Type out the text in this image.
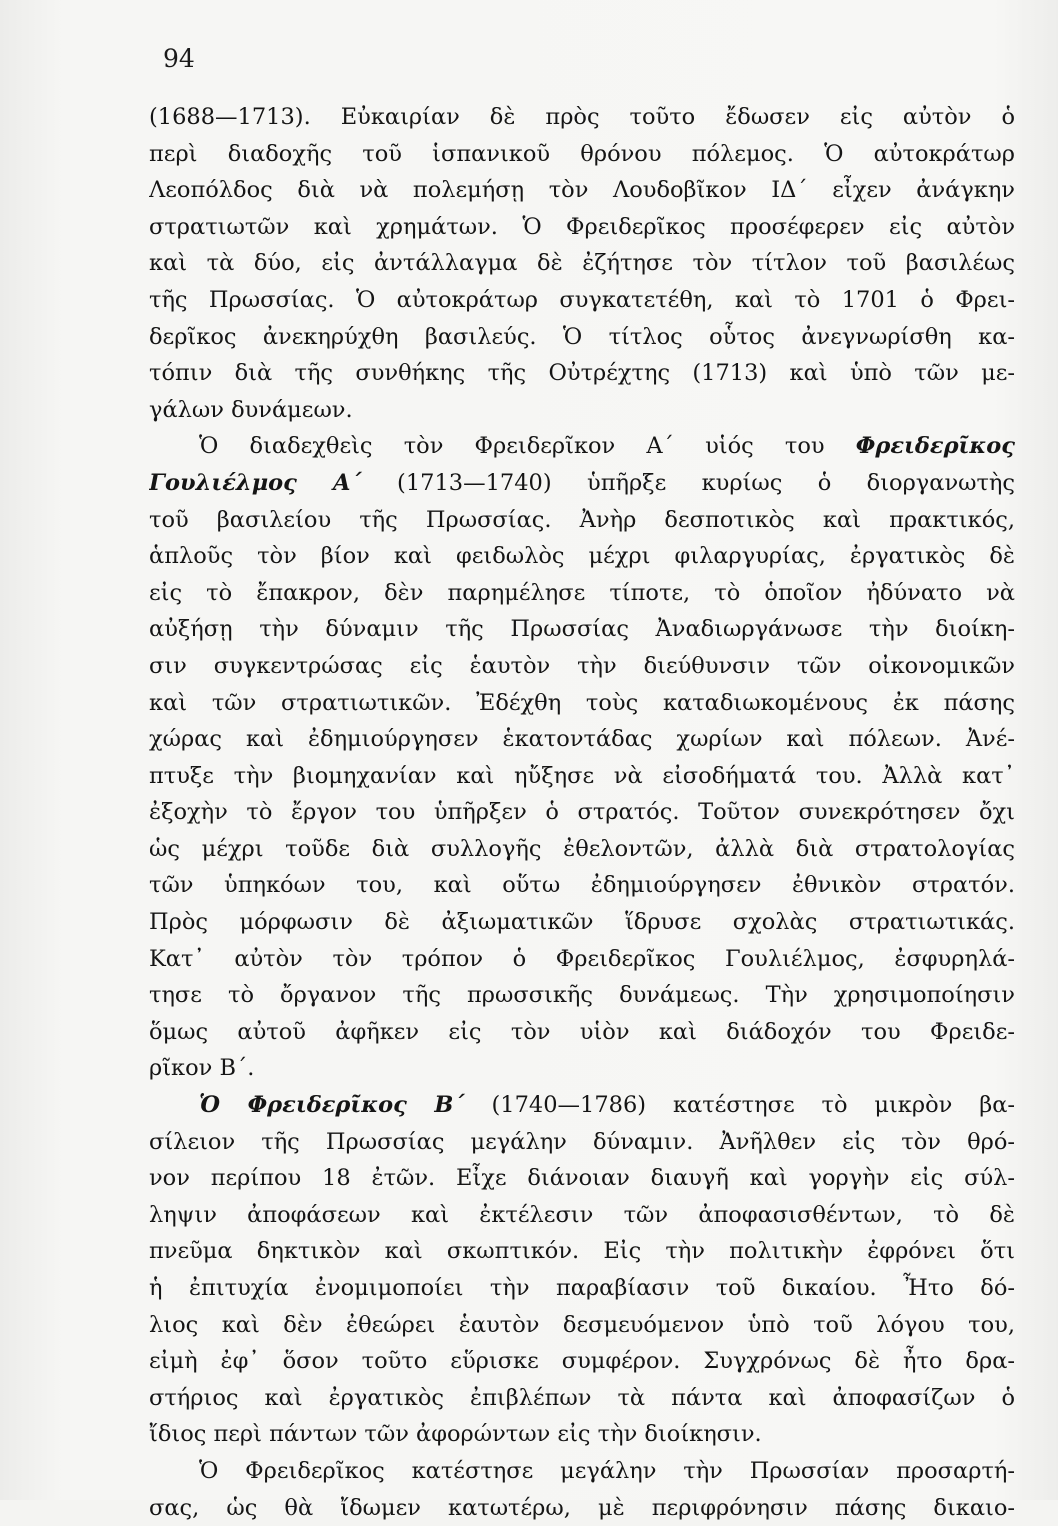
94
(1688—1713). Εὐκαιρίαν δὲ πρὸς τοῦτο ἔδωσεν εἰς αὐτὸν ὁ
περὶ διαδοχῆς τοῦ ἱσπανικοῦ θρόνου πόλεμος. Ὁ αὐτοκράτωρ
Λεοπόλδος διὰ νὰ πολεμήσῃ τὸν Λουδοβῖκον ΙΔ΄ εἶχεν ἀνάγκην
στρατιωτῶν καὶ χρημάτων. Ὁ Φρειδερῖκος προσέφερεν εἰς αὐτὸν
καὶ τὰ δύο, εἰς ἀντάλλαγμα δὲ ἐζήτησε τὸν τίτλον τοῦ βασιλέως
τῆς Πρωσσίας. Ὁ αὐτοκράτωρ συγκατετέθη, καὶ τὸ 1701 ὁ Φρει-
δερῖκος ἀνεκηρύχθη βασιλεύς. Ὁ τίτλος οὗτος ἀνεγνωρίσθη κα-
τόπιν διὰ τῆς συνθήκης τῆς Οὐτρέχτης (1713) καὶ ὑπὸ τῶν με-
γάλων δυνάμεων.
Ὁ διαδεχθεὶς τὸν Φρειδερῖκον Α΄ υἱός του Φρειδερῖκος
Γουλιέλμος Α΄ (1713—1740) ὑπῆρξε κυρίως ὁ διοργανωτὴς
τοῦ βασιλείου τῆς Πρωσσίας. Ἀνὴρ δεσποτικὸς καὶ πρακτικός,
ἁπλοῦς τὸν βίον καὶ φειδωλὸς μέχρι φιλαργυρίας, ἐργατικὸς δὲ
εἰς τὸ ἔπακρον, δὲν παρημέλησε τίποτε, τὸ ὁποῖον ἠδύνατο νὰ
αὐξήσῃ τὴν δύναμιν τῆς Πρωσσίας Ἀναδιωργάνωσε τὴν διοίκη-
σιν συγκεντρώσας εἰς ἑαυτὸν τὴν διεύθυνσιν τῶν οἰκονομικῶν
καὶ τῶν στρατιωτικῶν. Ἐδέχθη τοὺς καταδιωκομένους ἐκ πάσης
χώρας καὶ ἐδημιούργησεν ἑκατοντάδας χωρίων καὶ πόλεων. Ἀνέ-
πτυξε τὴν βιομηχανίαν καὶ ηὔξησε νὰ εἰσοδήματά του. Ἀλλὰ κατ᾿
ἐξοχὴν τὸ ἔργον του ὑπῆρξεν ὁ στρατός. Τοῦτον συνεκρότησεν ὄχι
ὡς μέχρι τοῦδε διὰ συλλογῆς ἐθελοντῶν, ἀλλὰ διὰ στρατολογίας
τῶν ὑπηκόων του, καὶ οὕτω ἐδημιούργησεν ἐθνικὸν στρατόν.
Πρὸς μόρφωσιν δὲ ἀξιωματικῶν ἵδρυσε σχολὰς στρατιωτικάς.
Κατ᾿ αὐτὸν τὸν τρόπον ὁ Φρειδερῖκος Γουλιέλμος, ἐσφυρηλά-
τησε τὸ ὄργανον τῆς πρωσσικῆς δυνάμεως. Τὴν χρησιμοποίησιν
ὅμως αὐτοῦ ἀφῆκεν εἰς τὸν υἱὸν καὶ διάδοχόν του Φρειδε-
ρῖκον Β΄.
Ὁ Φρειδερῖκος Β΄ (1740—1786) κατέστησε τὸ μικρὸν βα-
σίλειον τῆς Πρωσσίας μεγάλην δύναμιν. Ἀνῆλθεν εἰς τὸν θρό-
νον περίπου 18 ἐτῶν. Εἶχε διάνοιαν διαυγῆ καὶ γοργὴν εἰς σύλ-
ληψιν ἀποφάσεων καὶ ἐκτέλεσιν τῶν ἀποφασισθέντων, τὸ δὲ
πνεῦμα δηκτικὸν καὶ σκωπτικόν. Εἰς τὴν πολιτικὴν ἐφρόνει ὅτι
ἡ ἐπιτυχία ἐνομιμοποίει τὴν παραβίασιν τοῦ δικαίου. Ἦτο δό-
λιος καὶ δὲν ἐθεώρει ἑαυτὸν δεσμευόμενον ὑπὸ τοῦ λόγου του,
εἰμὴ ἐφ᾿ ὅσον τοῦτο εὕρισκε συμφέρον. Συγχρόνως δὲ ἦτο δρα-
στήριος καὶ ἐργατικὸς ἐπιβλέπων τὰ πάντα καὶ ἀποφασίζων ὁ
ἴδιος περὶ πάντων τῶν ἀφορώντων εἰς τὴν διοίκησιν.
Ὁ Φρειδερῖκος κατέστησε μεγάλην τὴν Πρωσσίαν προσαρτή-
σας, ὡς θὰ ἴδωμεν κατωτέρω, μὲ περιφρόνησιν πάσης δικαιο-
